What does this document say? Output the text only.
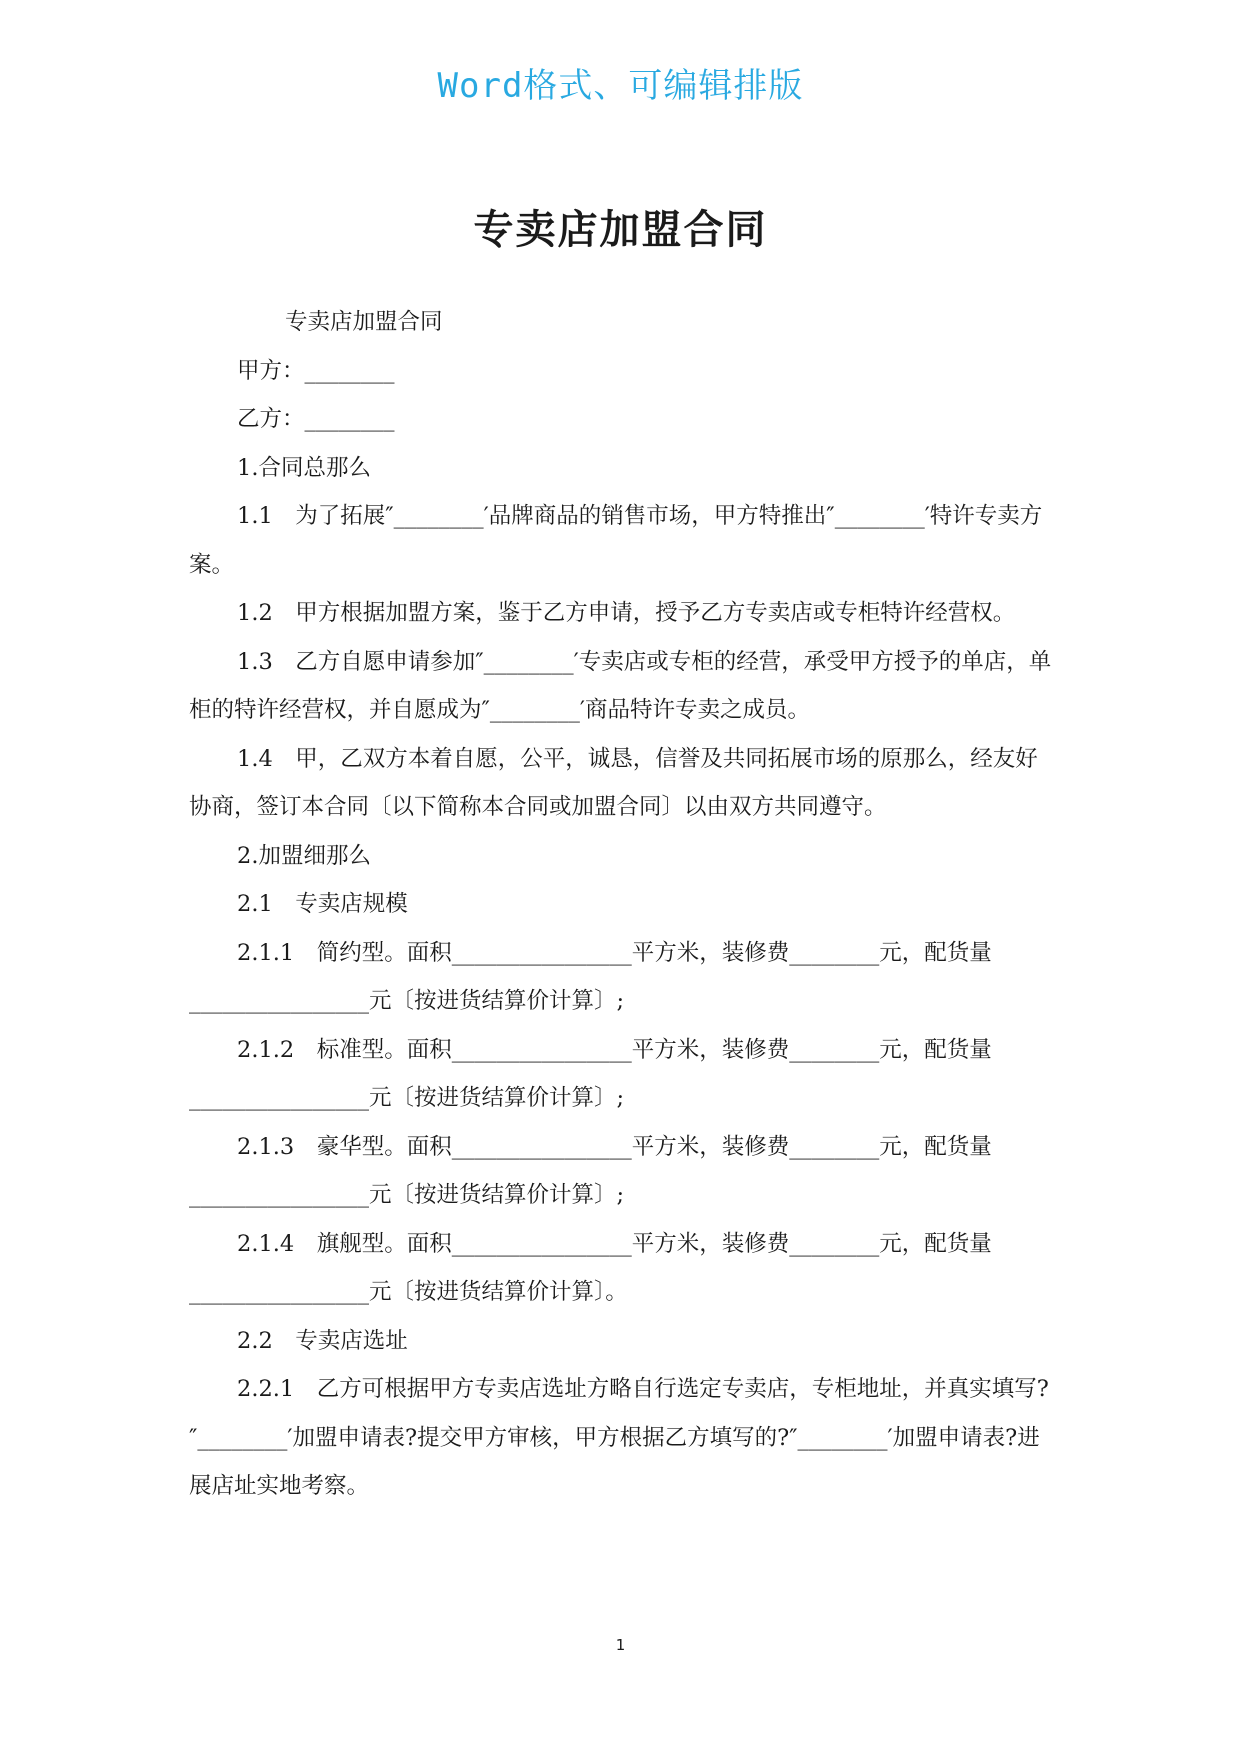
Word格式、可编辑排版
专卖店加盟合同

专卖店加盟合同

甲方：________

乙方：________

1.合同总那么

1.1　为了拓展″________′品牌商品的销售市场，甲方特推出″________′特许专卖方案。

1.2　甲方根据加盟方案，鉴于乙方申请，授予乙方专卖店或专柜特许经营权。

1.3　乙方自愿申请参加″________′专卖店或专柜的经营，承受甲方授予的单店，单柜的特许经营权，并自愿成为″________′商品特许专卖之成员。

1.4　甲，乙双方本着自愿，公平，诚恳，信誉及共同拓展市场的原那么，经友好协商，签订本合同〔以下简称本合同或加盟合同〕以由双方共同遵守。

2.加盟细那么

2.1　专卖店规模

2.1.1　简约型。面积________________平方米，装修费________元，配货量________________元〔按进货结算价计算〕;

2.1.2　标准型。面积________________平方米，装修费________元，配货量________________元〔按进货结算价计算〕;

2.1.3　豪华型。面积________________平方米，装修费________元，配货量________________元〔按进货结算价计算〕;

2.1.4　旗舰型。面积________________平方米，装修费________元，配货量________________元〔按进货结算价计算〕。

2.2　专卖店选址

2.2.1　乙方可根据甲方专卖店选址方略自行选定专卖店，专柜地址，并真实填写?″________′加盟申请表?提交甲方审核，甲方根据乙方填写的?″________′加盟申请表?进展店址实地考察。

1
